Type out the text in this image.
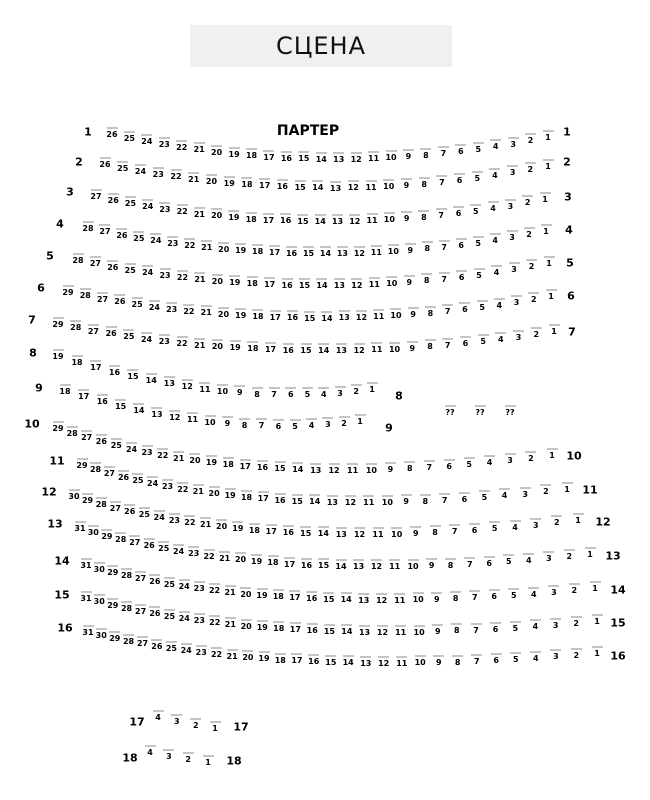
СЦЕНА
ПАРТЕР
1	1
26 25 24 23 22 21 20 19 18 17 16 15 14 13 12 11 10 9 8 7 6 5 4 3 2 1
2	2
26 25 24 23 22 21 20 19 18 17 16 15 14 13 12 11 10 9 8 7 6 5 4 3 2 1
3	3
27 26 25 24 23 22 21 20 19 18 17 16 15 14 13 12 11 10 9 8 7 6 5 4 3 2 1
4	4
28 27 26 25 24 23 22 21 20 19 18 17 16 15 14 13 12 11 10 9 8 7 6 5 4 3 2 1
5
5
28 27 26 25 24 23 22 21 20 19 18 17 16 15 14 13 12 11 10 9 8 7 6 5 4 3 2 1
6
6
29 28 27 26 25 24 23 22 21 20 19 18 17 16 15 14 13 12 11 10 9 8 7 6 5 4 3 2 1
7
7
29 28 27 26 25 24 23 22 21 20 19 18 17 16 15 14 13 12 11 10 9 8 7 6 5 4 3 2 1
8
8
19
18
17
16 15 14 13 12 11 10 9 8 7 6 5 4 3 2 1
9
9
18
17
16 15 14 13 12 11 10 9 8 7 6 5 4 3 2 1
??	??	??
10
10
29
28 27 26 25 24 23 22 21 20 19 18 17 16 15 14 13 12 11 10 9 8 7 6 5 4 3 2 1
11
11
29 28 27 26 25 24 23 22 21 20 19 18 17 16 15 14 13 12 11 10 9 8 7 6 5 4 3 2 1
12
12
30 29 28 27 26 25 24 23 22 21 20 19 18 17 16 15 14 13 12 11 10 9 8 7 6 5 4 3 2 1
13
13
31 30 29 28 27 26 25 24 23 22 21 20 19 18 17 16 15 14 13 12 11 10 9 8 7 6 5 4 3 2 1
14
14
31 30 29 28 27 26 25 24 23 22 21 20 19 18 17 16 15 14 13 12 11 10 9 8 7 6 5 4 3 2 1
15
15
31 30 29 28 27 26 25 24 23 22 21 20 19 18 17 16 15 14 13 12 11 10 9 8 7 6 5 4 3 2 1
16
16
31 30 29 28 27 26 25 24 23 22 21 20 19 18 17 16 15 14 13 12 11 10 9 8 7 6 5 4 3 2 1
17	17
4 3 2 1
18	18
4 3 2 1
